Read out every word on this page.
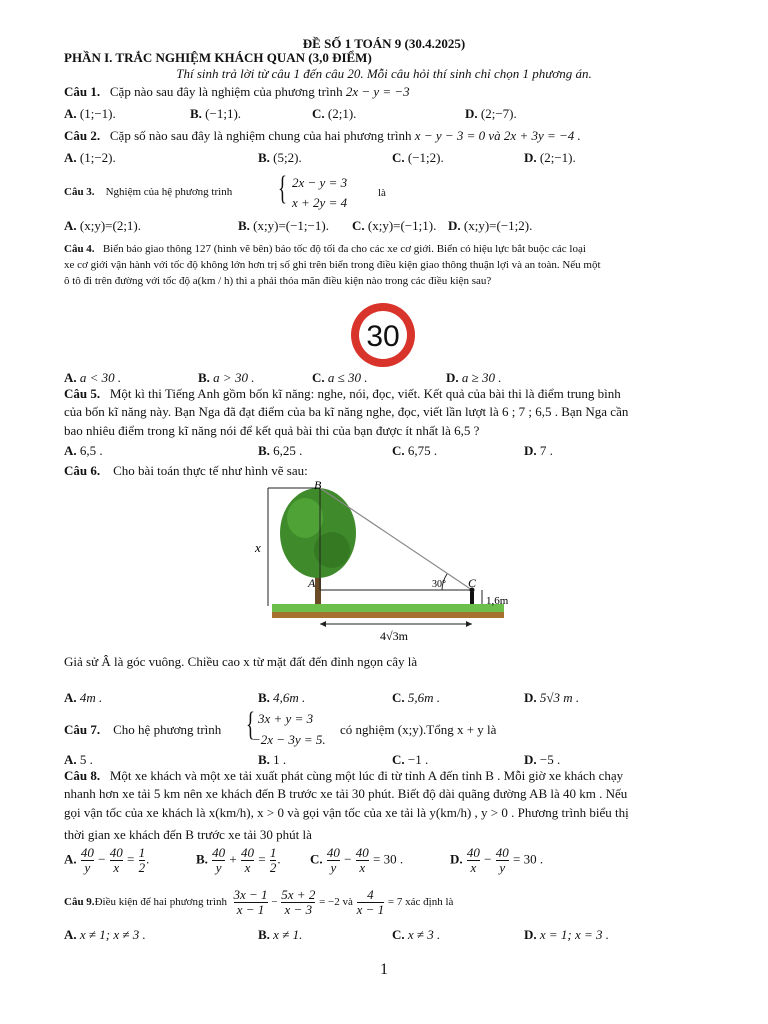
ĐỀ SỐ 1 TOÁN 9 (30.4.2025)
PHẦN I. TRẮC NGHIỆM KHÁCH QUAN (3,0 ĐIỂM)
Thí sinh trả lời từ câu 1 đến câu 20. Mỗi câu hỏi thí sinh chỉ chọn 1 phương án.
Câu 1. Cặp nào sau đây là nghiệm của phương trình 2x − y = −3
A. (1;−1).	B. (−1;1).	C. (2;1).	D. (2;−7).
Câu 2. Cặp số nào sau đây là nghiệm chung của hai phương trình x − y − 3 = 0 và 2x + 3y = −4 .
A. (1;−2).	B. (5;2).	C. (−1;2).	D. (2;−1).
Câu 3. Nghiệm của hệ phương trình	{ 2x − y = 3
x + 2y = 4
là
A. (x;y)=(2;1).	B. (x;y)=(−1;−1). C. (x;y)=(−1;1). D. (x;y)=(−1;2).
Câu 4. Biển báo giao thông 127 (hình vẽ bên) báo tốc độ tối đa cho các xe cơ giới. Biển có hiệu lực bắt buộc các loại
xe cơ giới vận hành với tốc độ không lớn hơn trị số ghi trên biển trong điều kiện giao thông thuận lợi và an toàn. Nếu một
ô tô đi trên đường với tốc độ a(km / h) thì a phải thỏa mãn điều kiện nào trong các điều kiện sau?
30
A. a < 30 .	B. a > 30 .	C. a ≤ 30 .	D. a ≥ 30 .
Câu 5. Một kì thi Tiếng Anh gồm bốn kĩ năng: nghe, nói, đọc, viết. Kết quả của bài thi là điểm trung bình
của bốn kĩ năng này. Bạn Nga đã đạt điểm của ba kĩ năng nghe, đọc, viết lần lượt là 6 ; 7 ; 6,5 . Bạn Nga cần
bao nhiêu điểm trong kĩ năng nói để kết quả bài thi của bạn được ít nhất là 6,5 ?
A. 6,5 .	B. 6,25 .	C. 6,75 .	D. 7 .
Câu 6. Cho bài toán thực tế như hình vẽ sau:
B
A	C
x
30°
1,6m
4√3m
Giả sử Â là góc vuông. Chiều cao x từ mặt đất đến đỉnh ngọn cây là
A. 4m .	B. 4,6m .	C. 5,6m .	D. 5√3 m .
Câu 7. Cho hệ phương trình { 3x + y = 3
−2x − 3y = 5.
có nghiệm (x;y).Tổng x + y là
A. 5 .	B. 1 .	C. −1 .	D. −5 .
Câu 8. Một xe khách và một xe tải xuất phát cùng một lúc đi từ tỉnh A đến tỉnh B . Mỗi giờ xe khách chạy
nhanh hơn xe tải 5 km nên xe khách đến B trước xe tải 30 phút. Biết độ dài quãng đường AB là 40 km . Nếu
gọi vận tốc của xe khách là x(km/h), x > 0 và gọi vận tốc của xe tải là y(km/h) , y > 0 . Phương trình biểu thị
thời gian xe khách đến B trước xe tải 30 phút là
A. $\frac{40}{y} - \frac{40}{x} = \frac{1}{2}$ .	B. $\frac{40}{y} + \frac{40}{x} = \frac{1}{2}$ . C. $\frac{40}{y} - \frac{40}{x} = 30$ .	D. $\frac{40}{x} - \frac{40}{y} = 30$ .
Câu 9.Điều kiện để hai phương trình $\frac{3x - 1}{x - 1} - \frac{5x + 2}{x - 3} = -2$ và $\frac{4}{x - 1} = 7$ xác định là
A. x ≠ 1; x ≠ 3 .	B. x ≠ 1.	C. x ≠ 3 .	D. x = 1; x = 3 .
1
